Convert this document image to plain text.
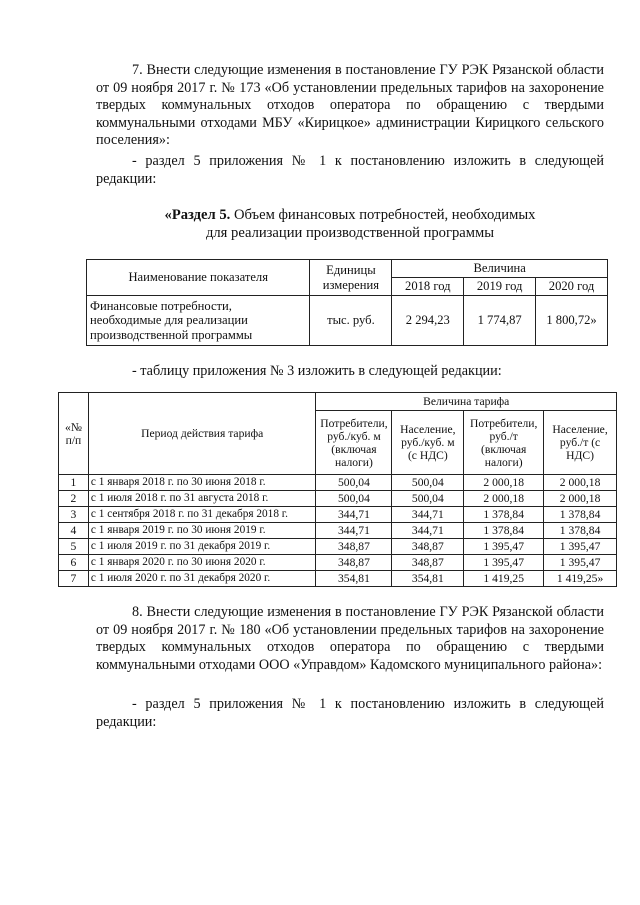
7. Внести следующие изменения в постановление ГУ РЭК Рязанской области от 09 ноября 2017 г. № 173 «Об установлении предельных тарифов на захоронение твердых коммунальных отходов оператора по обращению с твердыми коммунальными отходами МБУ «Кирицкое» администрации Кирицкого сельского поселения»:

- раздел 5 приложения № 1 к постановлению изложить в следующей редакции:

«Раздел 5. Объем финансовых потребностей, необходимых
для реализации производственной программы
Наименование показателя	Единицы измерения	Величина		
		2018 год	2019 год	2020 год
Финансовые потребности, необходимые для реализации производственной программы	тыс. руб.	2 294,23	1 774,87	1 800,72»

- таблицу приложения № 3 изложить в следующей редакции:

«№ п/п	Период действия тарифа	Величина тарифа			
		Потребители, руб./куб. м (включая налоги)	Население, руб./куб. м (с НДС)	Потребители, руб./т (включая налоги)	Население, руб./т (с НДС)
1	с 1 января 2018 г. по 30 июня 2018 г.	500,04	500,04	2 000,18	2 000,18
2	с 1 июля 2018 г. по 31 августа 2018 г.	500,04	500,04	2 000,18	2 000,18
3	с 1 сентября 2018 г. по 31 декабря 2018 г.	344,71	344,71	1 378,84	1 378,84
4	с 1 января 2019 г. по 30 июня 2019 г.	344,71	344,71	1 378,84	1 378,84
5	с 1 июля 2019 г. по 31 декабря 2019 г.	348,87	348,87	1 395,47	1 395,47
6	с 1 января 2020 г. по 30 июня 2020 г.	348,87	348,87	1 395,47	1 395,47
7	с 1 июля 2020 г. по 31 декабря 2020 г.	354,81	354,81	1 419,25	1 419,25»

8. Внести следующие изменения в постановление ГУ РЭК Рязанской области от 09 ноября 2017 г. № 180 «Об установлении предельных тарифов на захоронение твердых коммунальных отходов оператора по обращению с твердыми коммунальными отходами ООО «Управдом» Кадомского муниципального района»:

- раздел 5 приложения № 1 к постановлению изложить в следующей редакции:
